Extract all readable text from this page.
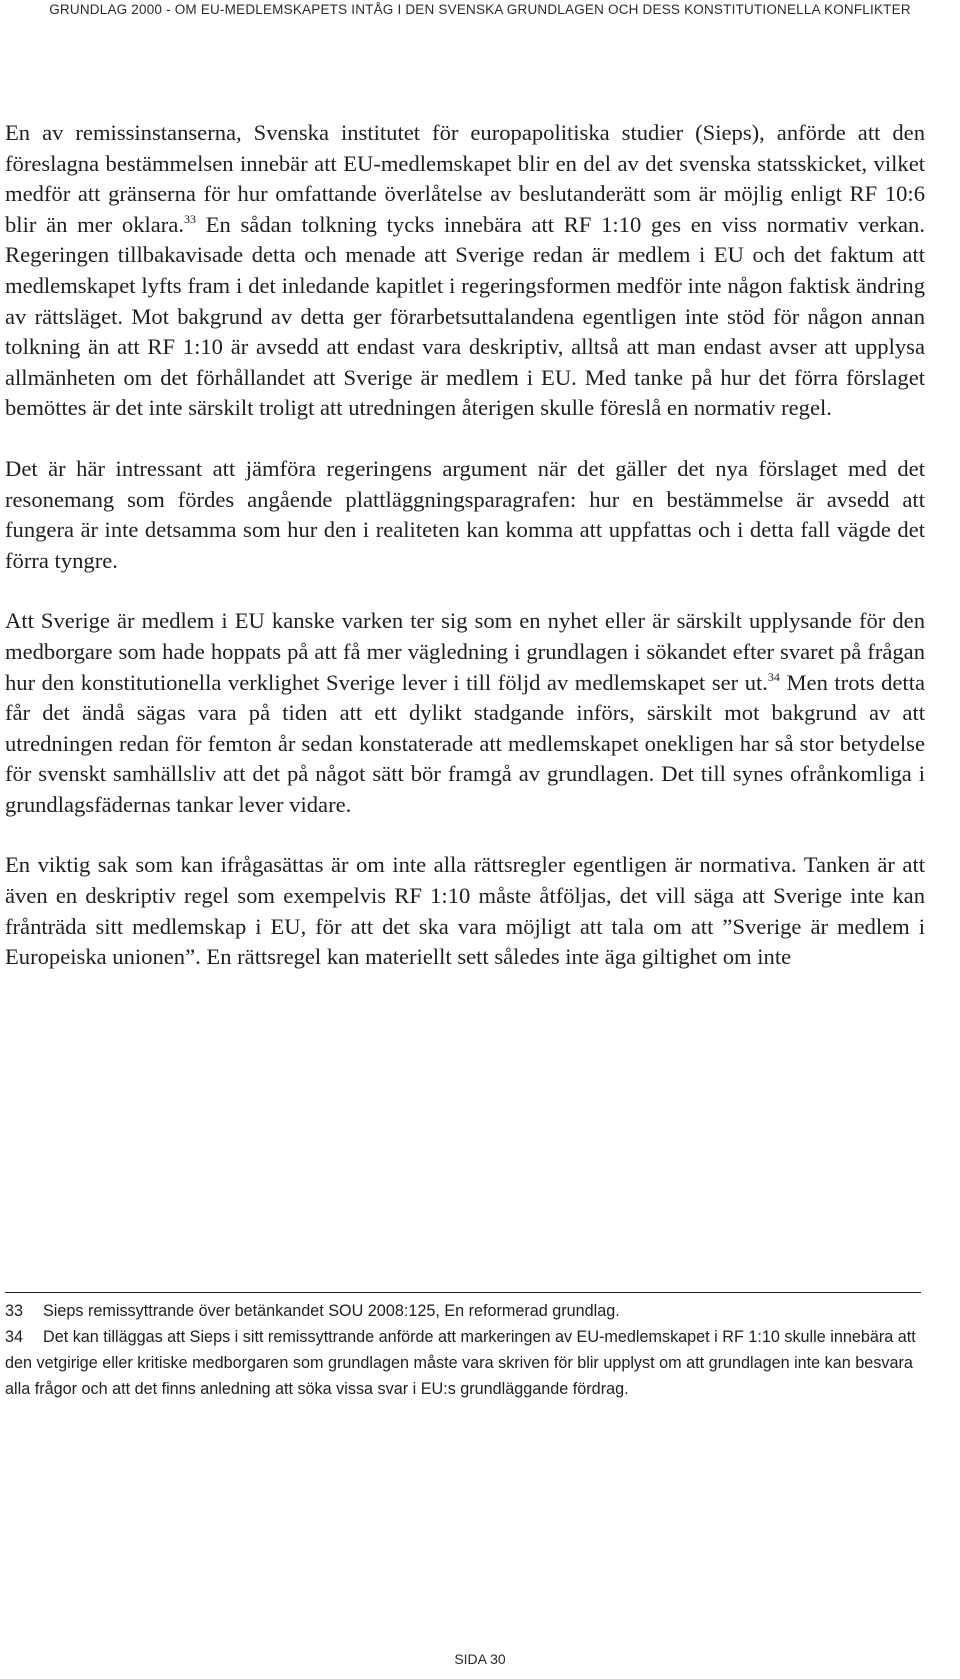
GRUNDLAG 2000 - OM EU-MEDLEMSKAPETS INTÅG I DEN SVENSKA GRUNDLAGEN OCH DESS KONSTITUTIONELLA KONFLIKTER

En av remissinstanserna, Svenska institutet för europapolitiska studier (Sieps), anförde att den föreslagna bestämmelsen innebär att EU-medlemskapet blir en del av det svenska statsskicket, vilket medför att gränserna för hur omfattande överlåtelse av beslutanderätt som är möjlig enligt RF 10:6 blir än mer oklara.$^{33}$ En sådan tolkning tycks innebära att RF 1:10 ges en viss normativ verkan. Regeringen tillbakavisade detta och menade att Sverige redan är medlem i EU och det faktum att medlemskapet lyfts fram i det inledande kapitlet i regeringsformen medför inte någon faktisk ändring av rättsläget. Mot bakgrund av detta ger förarbetsuttalandena egentligen inte stöd för någon annan tolkning än att RF 1:10 är avsedd att endast vara deskriptiv, alltså att man endast avser att upplysa allmänheten om det förhållandet att Sverige är medlem i EU. Med tanke på hur det förra förslaget bemöttes är det inte särskilt troligt att utredningen återigen skulle föreslå en normativ regel.

Det är här intressant att jämföra regeringens argument när det gäller det nya förslaget med det resonemang som fördes angående plattläggningsparagrafen: hur en bestämmelse är avsedd att fungera är inte detsamma som hur den i realiteten kan komma att uppfattas och i detta fall vägde det förra tyngre.

Att Sverige är medlem i EU kanske varken ter sig som en nyhet eller är särskilt upplysande för den medborgare som hade hoppats på att få mer vägledning i grundlagen i sökandet efter svaret på frågan hur den konstitutionella verklighet Sverige lever i till följd av medlemskapet ser ut.$^{34}$ Men trots detta får det ändå sägas vara på tiden att ett dylikt stadgande införs, särskilt mot bakgrund av att utredningen redan för femton år sedan konstaterade att medlemskapet onekligen har så stor betydelse för svenskt samhällsliv att det på något sätt bör framgå av grundlagen. Det till synes ofrånkomliga i grundlagsfädernas tankar lever vidare.

En viktig sak som kan ifrågasättas är om inte alla rättsregler egentligen är normativa. Tanken är att även en deskriptiv regel som exempelvis RF 1:10 måste åtföljas, det vill säga att Sverige inte kan frånträda sitt medlemskap i EU, för att det ska vara möjligt att tala om att ”Sverige är medlem i Europeiska unionen”. En rättsregel kan materiellt sett således inte äga giltighet om inte

33 Sieps remissyttrande över betänkandet SOU 2008:125, En reformerad grundlag.

34 Det kan tilläggas att Sieps i sitt remissyttrande anförde att markeringen av EU-medlemskapet i RF 1:10 skulle innebära att den vetgirige eller kritiske medborgaren som grundlagen måste vara skriven för blir upplyst om att grundlagen inte kan besvara alla frågor och att det finns anledning att söka vissa svar i EU:s grundläggande fördrag.

SIDA 30
